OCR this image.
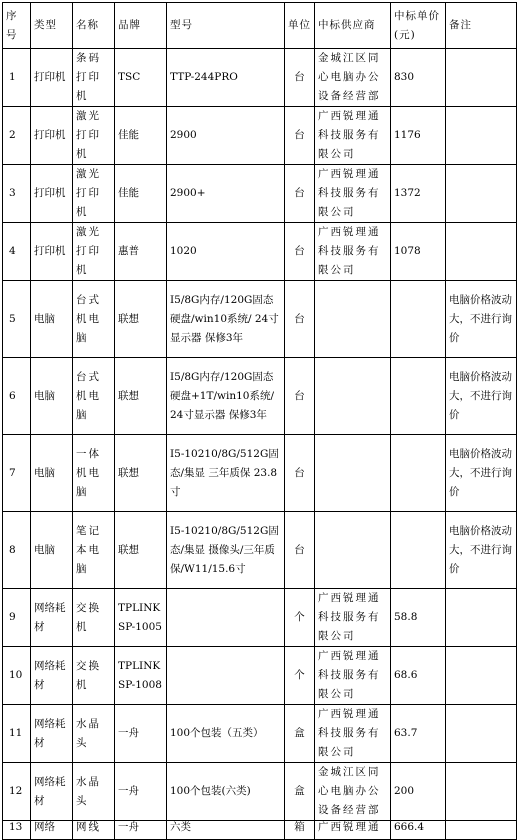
序号	类型	名称	品牌	型号	单位	中标供应商	中标单价(元)	备注
1	打印机	条码打印机	TSC	TTP-244PRO	台	金城江区同心电脑办公设备经营部	830	
2	打印机	激光打印机	佳能	2900	台	广西锐理通科技服务有限公司	1176	
3	打印机	激光打印机	佳能	2900+	台	广西锐理通科技服务有限公司	1372	
4	打印机	激光打印机	惠普	1020	台	广西锐理通科技服务有限公司	1078	
5	电脑	台式机电脑	联想	I5/8G内存/120G固态硬盘/win10系统/ 24寸显示器 保修3年	台			电脑价格波动大，不进行询价
6	电脑	台式机电脑	联想	I5/8G内存/120G固态硬盘+1T/win10系统/ 24寸显示器 保修3年	台			电脑价格波动大，不进行询价
7	电脑	一体机电脑	联想	I5-10210/8G/512G固态/集显 三年质保 23.8寸	台			电脑价格波动大，不进行询价
8	电脑	笔记本电脑	联想	I5-10210/8G/512G固态/集显 摄像头/三年质保/W11/15.6寸	台			电脑价格波动大，不进行询价
9	网络耗材	交换机	TPLINK SP-1005		个	广西锐理通科技服务有限公司	58.8	
10	网络耗材	交换机	TPLINK SP-1008		个	广西锐理通科技服务有限公司	68.6	
11	网络耗材	水晶头	一舟	100个包装（五类）	盒	广西锐理通科技服务有限公司	63.7	
12	网络耗材	水晶头	一舟	100个包装(六类)	盒	金城江区同心电脑办公设备经营部	200	
13	网络	网线	一舟	六类	箱	广西锐理通	666.4	
